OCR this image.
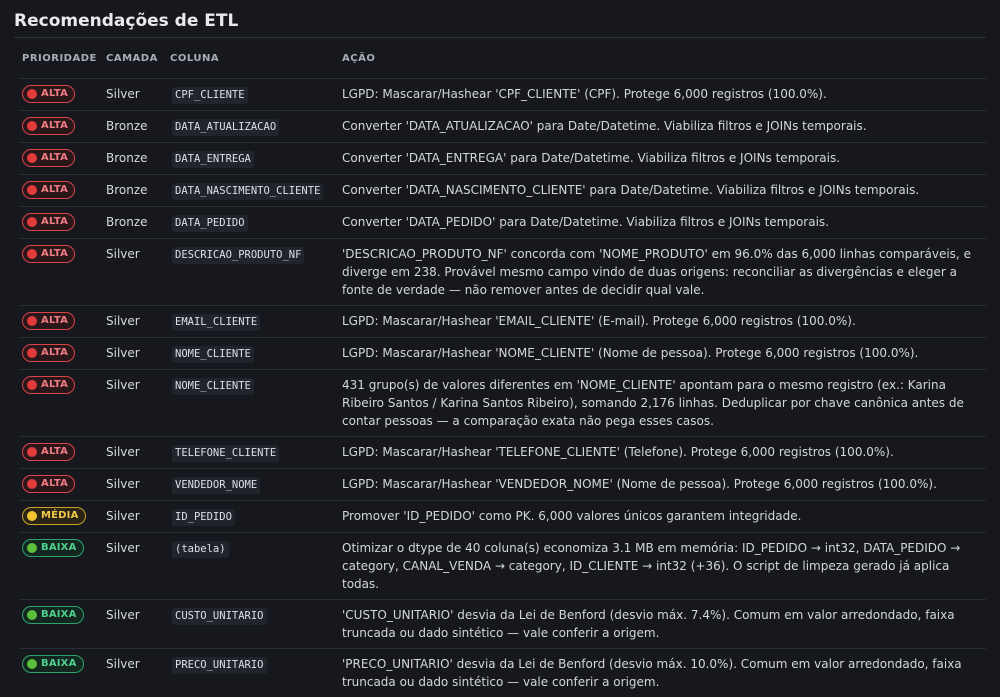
Recomendações de ETL
PRIORIDADE	CAMADA	COLUNA	AÇÃO

ALTA	Silver	CPF_CLIENTE	LGPD: Mascarar/Hashear 'CPF_CLIENTE' (CPF). Protege 6,000 registros (100.0%).

ALTA	Bronze	DATA_ATUALIZACAO	Converter 'DATA_ATUALIZACAO' para Date/Datetime. Viabiliza filtros e JOINs temporais.

ALTA	Bronze	DATA_ENTREGA	Converter 'DATA_ENTREGA' para Date/Datetime. Viabiliza filtros e JOINs temporais.

ALTA	Bronze	DATA_NASCIMENTO_CLIENTE	Converter 'DATA_NASCIMENTO_CLIENTE' para Date/Datetime. Viabiliza filtros e JOINs temporais.

ALTA	Bronze	DATA_PEDIDO	Converter 'DATA_PEDIDO' para Date/Datetime. Viabiliza filtros e JOINs temporais.

ALTA	Silver	DESCRICAO_PRODUTO_NF	'DESCRICAO_PRODUTO_NF' concorda com 'NOME_PRODUTO' em 96.0% das 6,000 linhas comparáveis, e diverge em 238. Provável mesmo campo vindo de duas origens: reconciliar as divergências e eleger a fonte de verdade — não remover antes de decidir qual vale.

ALTA	Silver	EMAIL_CLIENTE	LGPD: Mascarar/Hashear 'EMAIL_CLIENTE' (E-mail). Protege 6,000 registros (100.0%).

ALTA	Silver	NOME_CLIENTE	LGPD: Mascarar/Hashear 'NOME_CLIENTE' (Nome de pessoa). Protege 6,000 registros (100.0%).

ALTA	Silver	NOME_CLIENTE	431 grupo(s) de valores diferentes em 'NOME_CLIENTE' apontam para o mesmo registro (ex.: Karina Ribeiro Santos / Karina Santos Ribeiro), somando 2,176 linhas. Deduplicar por chave canônica antes de contar pessoas — a comparação exata não pega esses casos.

ALTA	Silver	TELEFONE_CLIENTE	LGPD: Mascarar/Hashear 'TELEFONE_CLIENTE' (Telefone). Protege 6,000 registros (100.0%).

ALTA	Silver	VENDEDOR_NOME	LGPD: Mascarar/Hashear 'VENDEDOR_NOME' (Nome de pessoa). Protege 6,000 registros (100.0%).

MÉDIA	Silver	ID_PEDIDO	Promover 'ID_PEDIDO' como PK. 6,000 valores únicos garantem integridade.

BAIXA	Silver	(tabela)	Otimizar o dtype de 40 coluna(s) economiza 3.1 MB em memória: ID_PEDIDO → int32, DATA_PEDIDO → category, CANAL_VENDA → category, ID_CLIENTE → int32 (+36). O script de limpeza gerado já aplica todas.

BAIXA	Silver	CUSTO_UNITARIO	'CUSTO_UNITARIO' desvia da Lei de Benford (desvio máx. 7.4%). Comum em valor arredondado, faixa truncada ou dado sintético — vale conferir a origem.

BAIXA	Silver	PRECO_UNITARIO	'PRECO_UNITARIO' desvia da Lei de Benford (desvio máx. 10.0%). Comum em valor arredondado, faixa truncada ou dado sintético — vale conferir a origem.
